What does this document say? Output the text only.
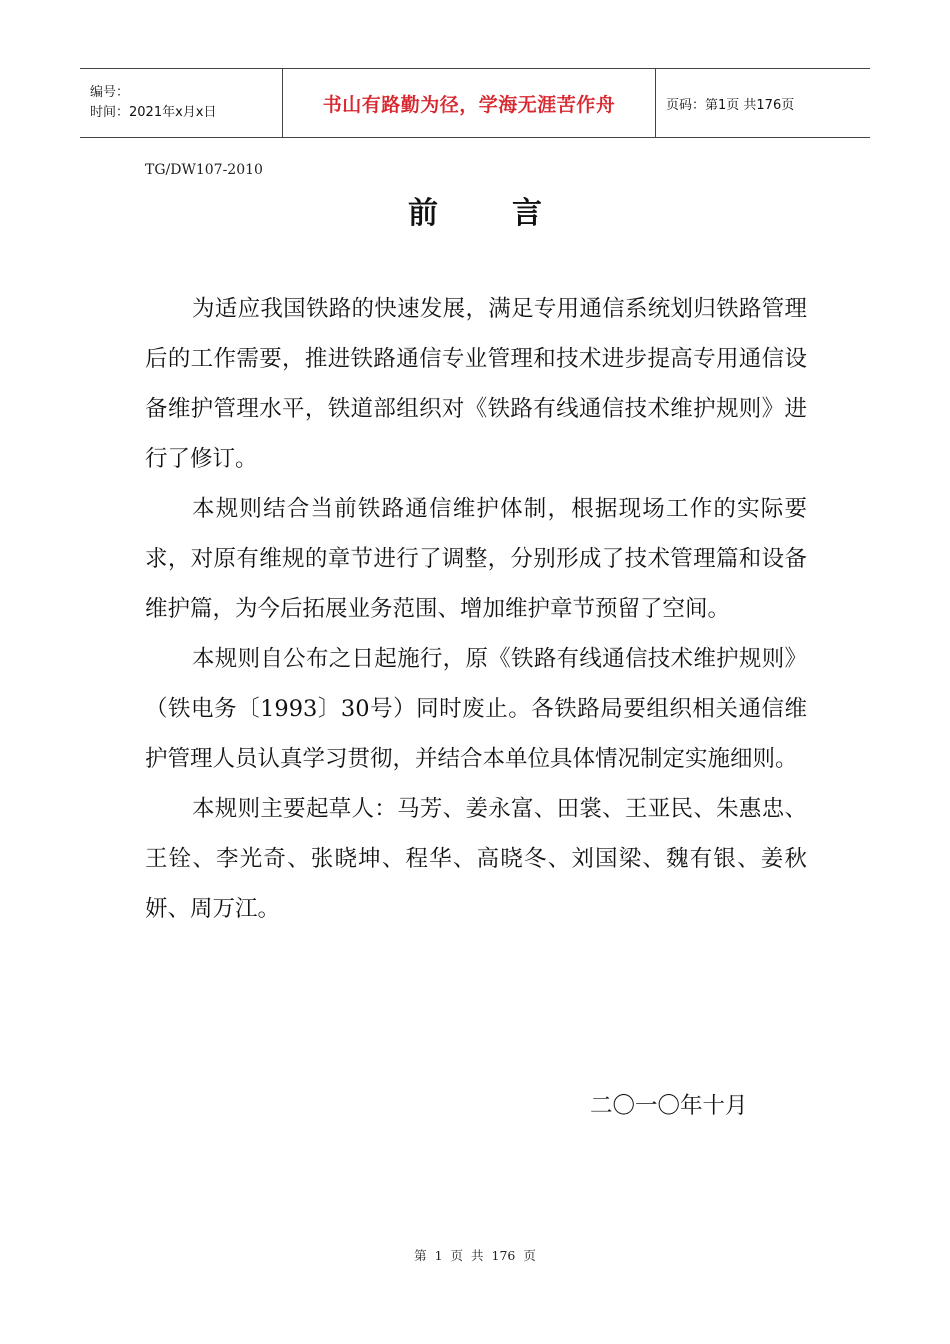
编号：
时间：2021年x月x日	书山有路勤为径，学海无涯苦作舟	页码：第1页 共176页
TG/DW107-2010
前言

为适应我国铁路的快速发展，满足专用通信系统划归铁路管理后的工作需要，推进铁路通信专业管理和技术进步提高专用通信设备维护管理水平，铁道部组织对《铁路有线通信技术维护规则》进行了修订。

本规则结合当前铁路通信维护体制，根据现场工作的实际要求，对原有维规的章节进行了调整，分别形成了技术管理篇和设备维护篇，为今后拓展业务范围、增加维护章节预留了空间。

本规则自公布之日起施行，原《铁路有线通信技术维护规则》（铁电务〔1993〕30号）同时废止。各铁路局要组织相关通信维护管理人员认真学习贯彻，并结合本单位具体情况制定实施细则。

本规则主要起草人：马芳、姜永富、田裳、王亚民、朱惠忠、王铨、李光奇、张晓坤、程华、高晓冬、刘国梁、魏有银、姜秋妍、周万江。

二〇一〇年十月
第 1 页 共 176 页
